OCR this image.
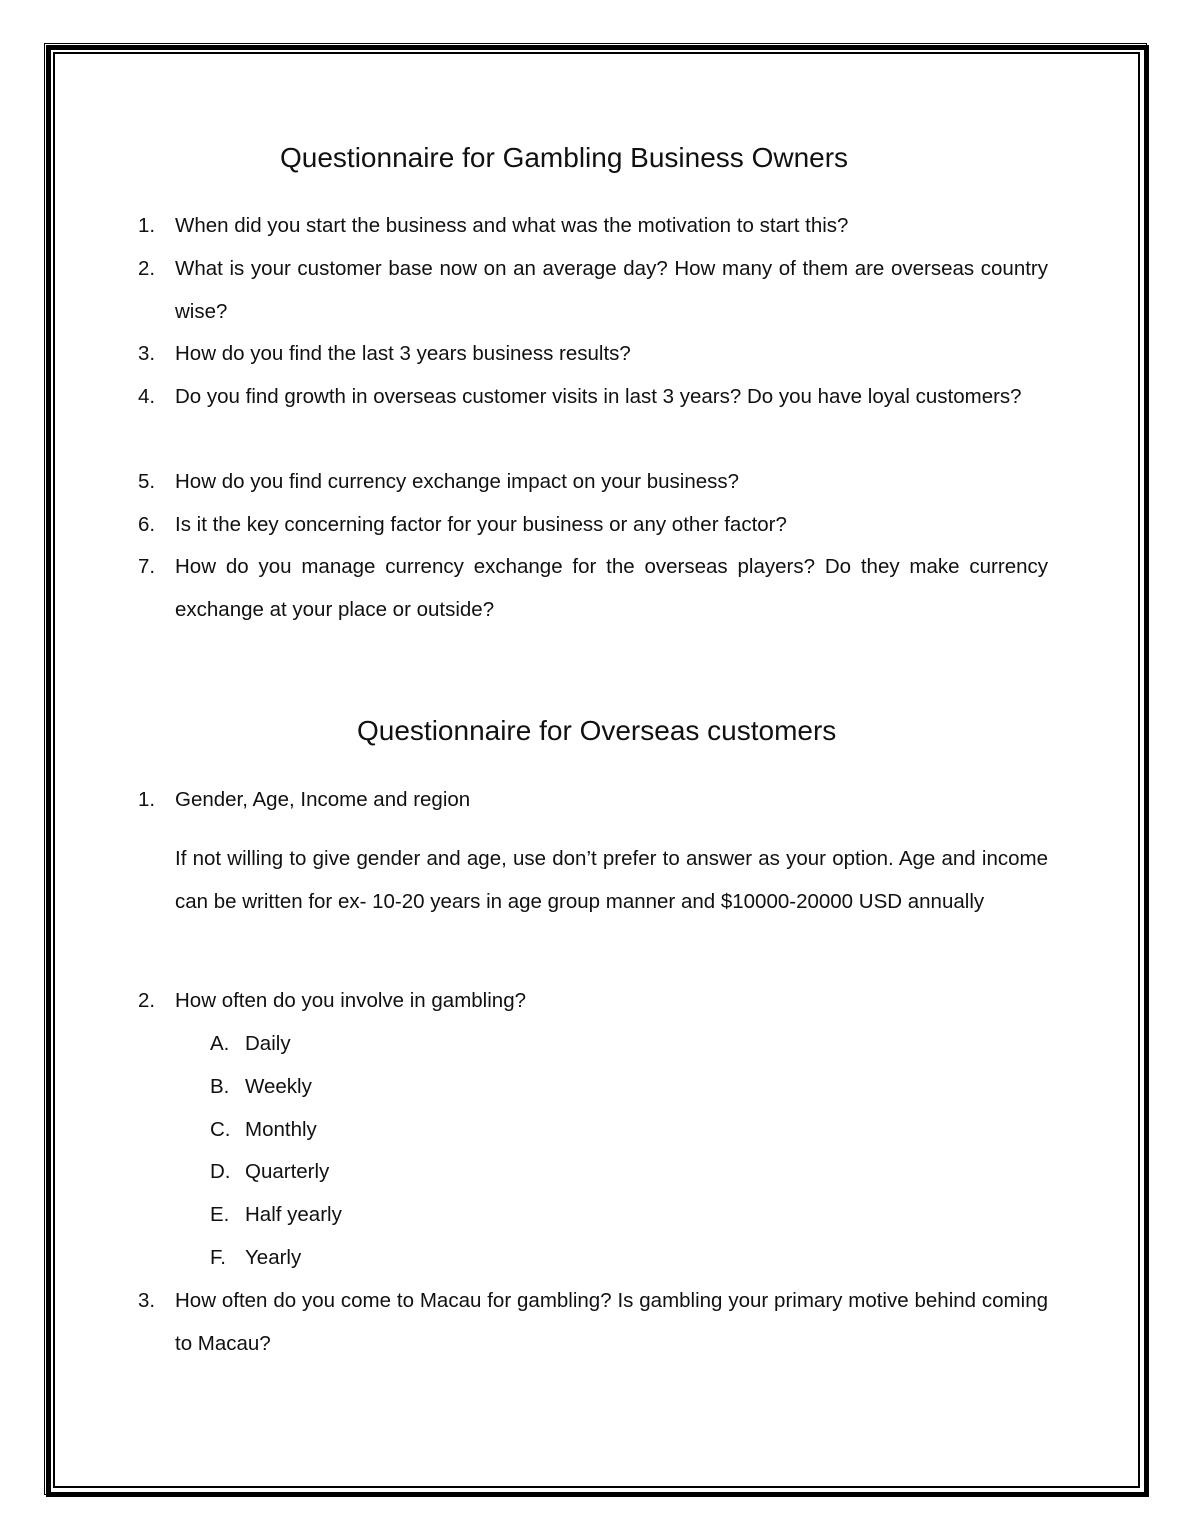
Questionnaire for Gambling Business Owners
1. When did you start the business and what was the motivation to start this?
2. What is your customer base now on an average day? How many of them are overseas country wise?
3. How do you find the last 3 years business results?
4. Do you find growth in overseas customer visits in last 3 years? Do you have loyal customers?
5. How do you find currency exchange impact on your business?
6. Is it the key concerning factor for your business or any other factor?
7. How do you manage currency exchange for the overseas players? Do they make currency exchange at your place or outside?
Questionnaire for Overseas customers
1. Gender, Age, Income and region

If not willing to give gender and age, use don’t prefer to answer as your option. Age and income can be written for ex- 10-20 years in age group manner and $10000-20000 USD annually

2. How often do you involve in gambling?
A. Daily
B. Weekly
C. Monthly
D. Quarterly
E. Half yearly
F. Yearly
3. How often do you come to Macau for gambling? Is gambling your primary motive behind coming to Macau?
